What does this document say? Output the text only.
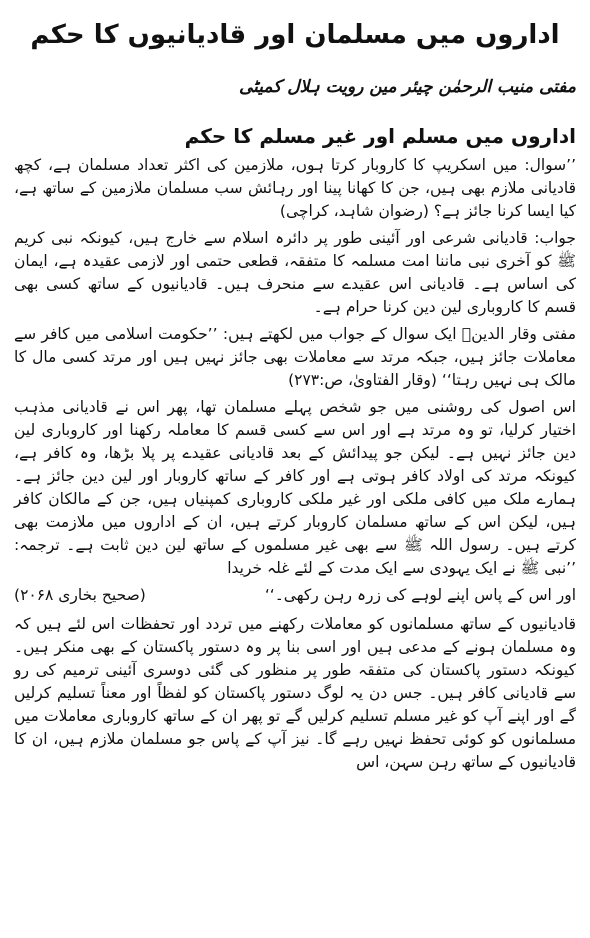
اداروں میں مسلمان اور قادیانیوں کا حکم
مفتی منیب الرحمٰن چیئر مین رویت ہلال کمیٹی
اداروں میں مسلم اور غیر مسلم کا حکم

’’سوال: میں اسکریپ کا کاروبار کرتا ہوں، ملازمین کی اکثر تعداد مسلمان ہے، کچھ قادیانی ملازم بھی ہیں، جن کا کھانا پینا اور رہائش سب مسلمان ملازمین کے ساتھ ہے، کیا ایسا کرنا جائز ہے؟ (رضوان شاہد، کراچی)

جواب: قادیانی شرعی اور آئینی طور پر دائرہ اسلام سے خارج ہیں، کیونکہ نبی کریم ﷺ کو آخری نبی ماننا امت مسلمہ کا متفقہ، قطعی حتمی اور لازمی عقیدہ ہے، ایمان کی اساس ہے۔ قادیانی اس عقیدے سے منحرف ہیں۔ قادیانیوں کے ساتھ کسی بھی قسم کا کاروباری لین دین کرنا حرام ہے۔

مفتی وقار الدینؒ ایک سوال کے جواب میں لکھتے ہیں: ’’حکومت اسلامی میں کافر سے معاملات جائز ہیں، جبکہ مرتد سے معاملات بھی جائز نہیں ہیں اور مرتد کسی مال کا مالک ہی نہیں رہتا‘‘ (وقار الفتاویٰ، ص:۲۷۳)

اس اصول کی روشنی میں جو شخص پہلے مسلمان تھا، پھر اس نے قادیانی مذہب اختیار کرلیا، تو وہ مرتد ہے اور اس سے کسی قسم کا معاملہ رکھنا اور کاروباری لین دین جائز نہیں ہے۔ لیکن جو پیدائش کے بعد قادیانی عقیدے پر پلا بڑھا، وہ کافر ہے، کیونکہ مرتد کی اولاد کافر ہوتی ہے اور کافر کے ساتھ کاروبار اور لین دین جائز ہے۔ ہمارے ملک میں کافی ملکی اور غیر ملکی کاروباری کمپنیاں ہیں، جن کے مالکان کافر ہیں، لیکن اس کے ساتھ مسلمان کاروبار کرتے ہیں، ان کے اداروں میں ملازمت بھی کرتے ہیں۔ رسول اللہ ﷺ سے بھی غیر مسلموں کے ساتھ لین دین ثابت ہے۔ ترجمہ: ’’نبی ﷺ نے ایک یہودی سے ایک مدت کے لئے غلہ خریدا

اور اس کے پاس اپنے لوہے کی زرہ رہن رکھی۔‘‘
(صحیح بخاری ۲۰۶۸)

قادیانیوں کے ساتھ مسلمانوں کو معاملات رکھنے میں تردد اور تحفظات اس لئے ہیں کہ وہ مسلمان ہونے کے مدعی ہیں اور اسی بنا پر وہ دستور پاکستان کے بھی منکر ہیں۔ کیونکہ دستور پاکستان کی متفقہ طور پر منظور کی گئی دوسری آئینی ترمیم کی رو سے قادیانی کافر ہیں۔ جس دن یہ لوگ دستور پاکستان کو لفظاً اور معناً تسلیم کرلیں گے اور اپنے آپ کو غیر مسلم تسلیم کرلیں گے تو پھر ان کے ساتھ کاروباری معاملات میں مسلمانوں کو کوئی تحفظ نہیں رہے گا۔ نیز آپ کے پاس جو مسلمان ملازم ہیں، ان کا قادیانیوں کے ساتھ رہن سہن، اس
